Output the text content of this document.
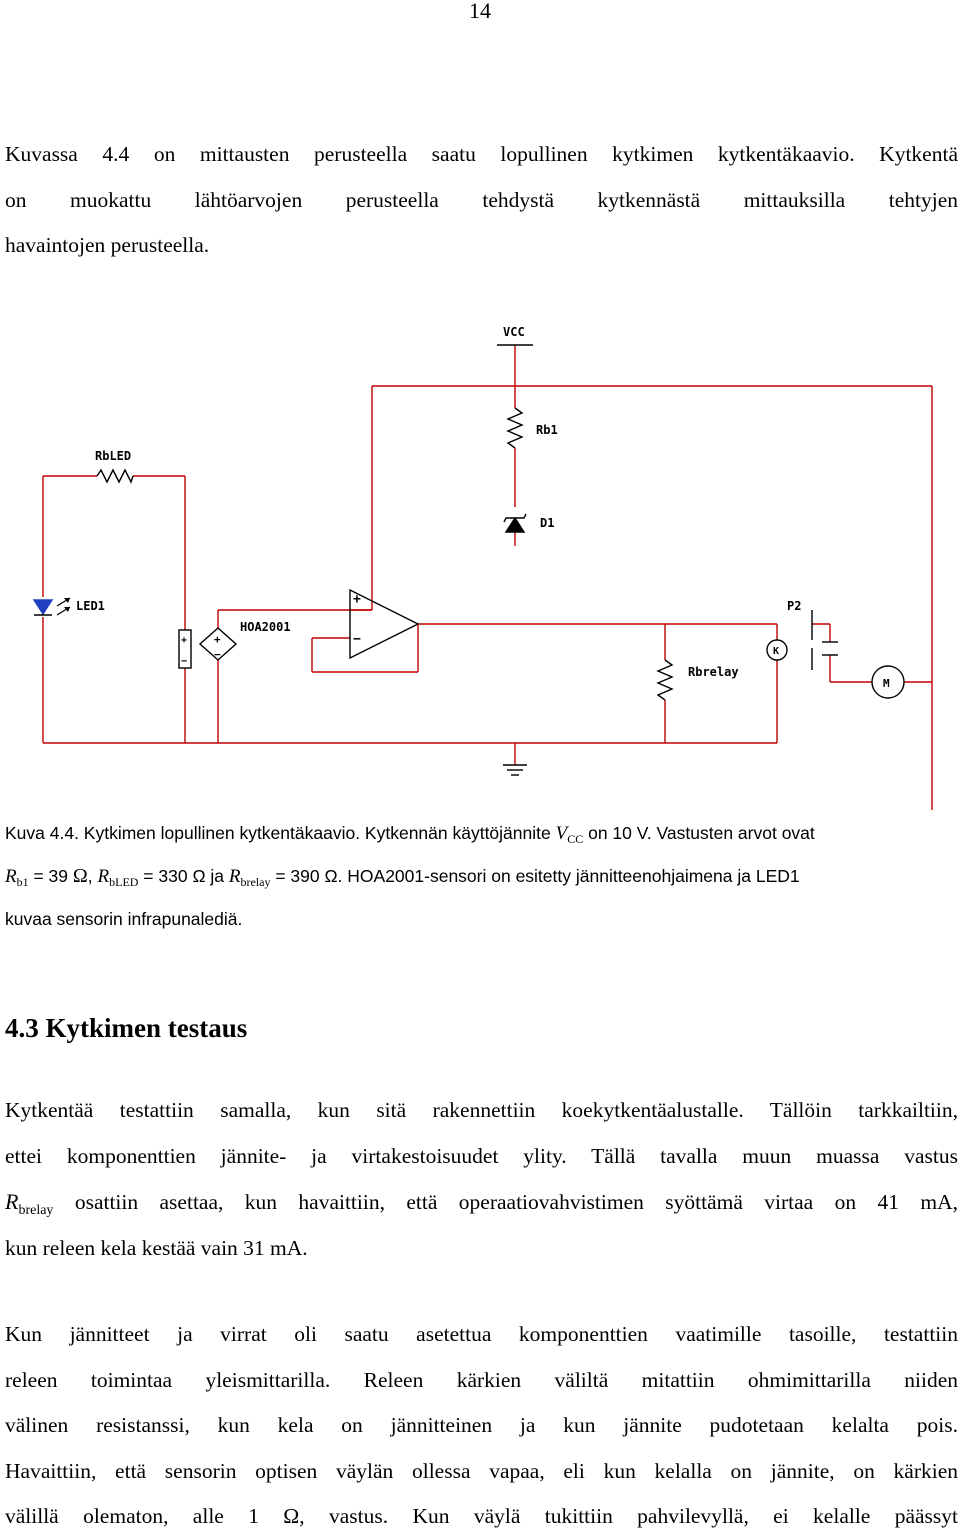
14
Kuvassa 4.4 on mittausten perusteella saatu lopullinen kytkimen kytkentäkaavio. Kytkentä
on muokattu lähtöarvojen perusteella tehdystä kytkennästä mittauksilla tehtyjen
havaintojen perusteella.
VCC
Rb1
RbLED
D1
LED1
HOA2001
P2
Rbrelay
K
M
+
−
+
−
+
−
Kuva 4.4. Kytkimen lopullinen kytkentäkaavio. Kytkennän käyttöjännite $V_{CC}$ on 10 V. Vastusten arvot ovat
$R_{b1} = 39$ Ω, $R_{bLED} = 330$ Ω ja $R_{brelay} = 390$ Ω. HOA2001-sensori on esitetty jännitteenohjaimena ja LED1
kuvaa sensorin infrapunalediä.
4.3 Kytkimen testaus
Kytkentää testattiin samalla, kun sitä rakennettiin koekytkentäalustalle. Tällöin tarkkailtiin,
ettei komponenttien jännite- ja virtakestoisuudet ylity. Tällä tavalla muun muassa vastus
$R_{brelay}$ osattiin asettaa, kun havaittiin, että operaatiovahvistimen syöttämä virtaa on 41 mA,
kun releen kela kestää vain 31 mA.
Kun jännitteet ja virrat oli saatu asetettua komponenttien vaatimille tasoille, testattiin
releen toimintaa yleismittarilla. Releen kärkien väliltä mitattiin ohmimittarilla niiden
välinen resistanssi, kun kela on jännitteinen ja kun jännite pudotetaan kelalta pois.
Havaittiin, että sensorin optisen väylän ollessa vapaa, eli kun kelalla on jännite, on kärkien
välillä olematon, alle 1 Ω, vastus. Kun väylä tukittiin pahvilevyllä, ei kelalle päässyt
